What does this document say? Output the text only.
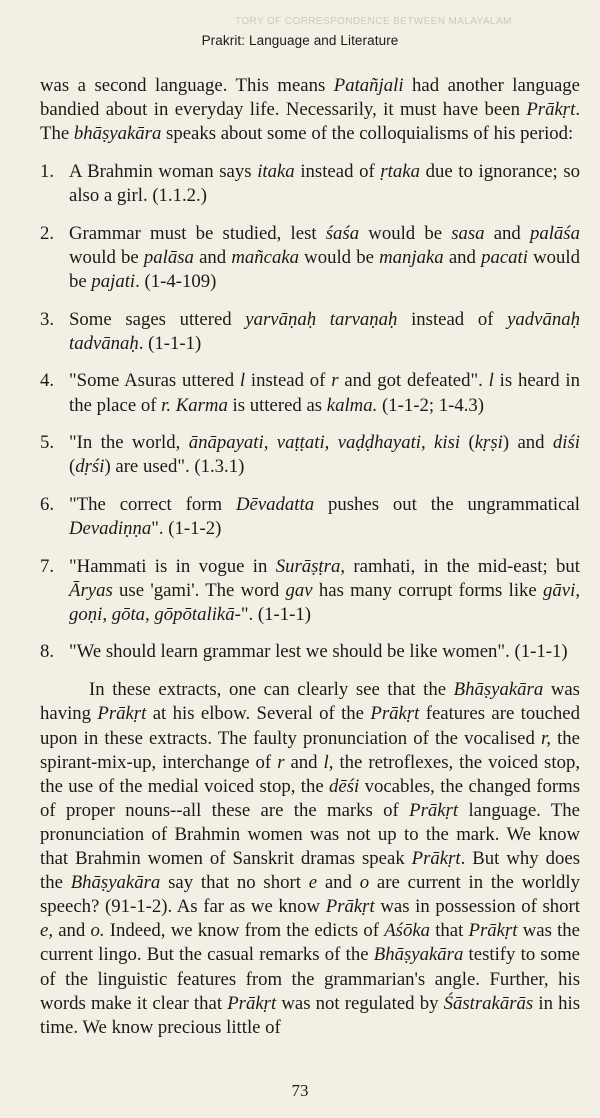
TORY OF CORRESPONDENCE BETWEEN MALAYALAM
Prakrit: Language and Literature

was a second language. This means Patañjali had another language bandied about in everyday life. Necessarily, it must have been Prākṛt. The bhāṣyakāra speaks about some of the colloquialisms of his period:

1. A Brahmin woman says itaka instead of ṛtaka due to ignorance; so also a girl. (1.1.2.)
2. Grammar must be studied, lest śaśa would be sasa and palāśa would be palāsa and mañcaka would be manjaka and pacati would be pajati. (1-4-109)
3. Some sages uttered yarvāṇaḥ tarvaṇaḥ instead of yadvānaḥ tadvānaḥ. (1-1-1)
4. "Some Asuras uttered l instead of r and got defeated". l is heard in the place of r. Karma is uttered as kalma. (1-1-2; 1-4.3)
5. "In the world, ānāpayati, vaṭṭati, vaḍḍhayati, kisi (kṛṣi) and diśi (dṛśi) are used". (1.3.1)
6. "The correct form Dēvadatta pushes out the ungrammatical Devadiṇṇa". (1-1-2)
7. "Hammati is in vogue in Surāṣṭra, ramhati, in the mid-east; but Āryas use 'gami'. The word gav has many corrupt forms like gāvi, goṇi, gōta, gōpōtalikā-". (1-1-1)
8. "We should learn grammar lest we should be like women". (1-1-1)

In these extracts, one can clearly see that the Bhāṣyakāra was having Prākṛt at his elbow. Several of the Prākṛt features are touched upon in these extracts. The faulty pronunciation of the vocalised r, the spirant-mix-up, interchange of r and l, the retroflexes, the voiced stop, the use of the medial voiced stop, the dēśi vocables, the changed forms of proper nouns--all these are the marks of Prākṛt language. The pronunciation of Brahmin women was not up to the mark. We know that Brahmin women of Sanskrit dramas speak Prākṛt. But why does the Bhāṣyakāra say that no short e and o are current in the worldly speech? (91-1-2). As far as we know Prākṛt was in possession of short e, and o. Indeed, we know from the edicts of Aśōka that Prākṛt was the current lingo. But the casual remarks of the Bhāṣyakāra testify to some of the linguistic features from the grammarian's angle. Further, his words make it clear that Prākṛt was not regulated by Śāstrakārās in his time. We know precious little of

73
